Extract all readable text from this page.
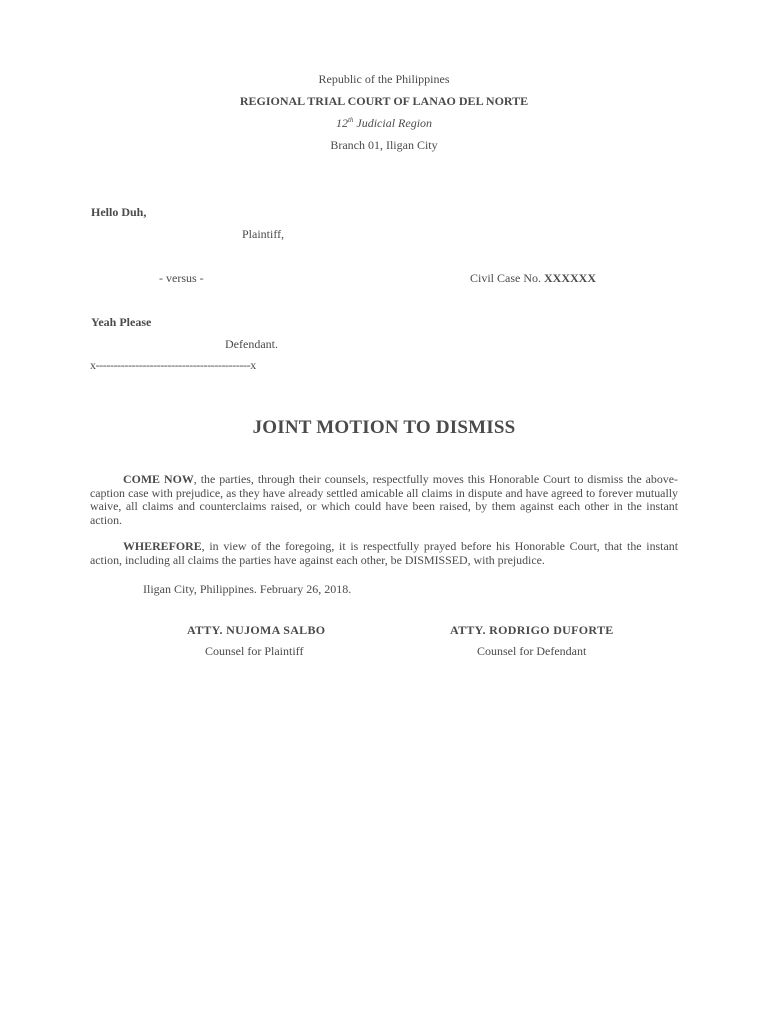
Republic of the Philippines
REGIONAL TRIAL COURT OF LANAO DEL NORTE
12th Judicial Region
Branch 01, Iligan City
Hello Duh,
Plaintiff,
- versus -	Civil Case No. XXXXXX
Yeah Please
Defendant.
x-------------------------------------------x
JOINT MOTION TO DISMISS
COME NOW, the parties, through their counsels, respectfully moves this Honorable Court to dismiss the above-caption case with prejudice, as they have already settled amicable all claims in dispute and have agreed to forever mutually waive, all claims and counterclaims raised, or which could have been raised, by them against each other in the instant action.
WHEREFORE, in view of the foregoing, it is respectfully prayed before his Honorable Court, that the instant action, including all claims the parties have against each other, be DISMISSED, with prejudice.
Iligan City, Philippines. February 26, 2018.
ATTY. NUJOMA SALBO
Counsel for Plaintiff
ATTY. RODRIGO DUFORTE
Counsel for Defendant
